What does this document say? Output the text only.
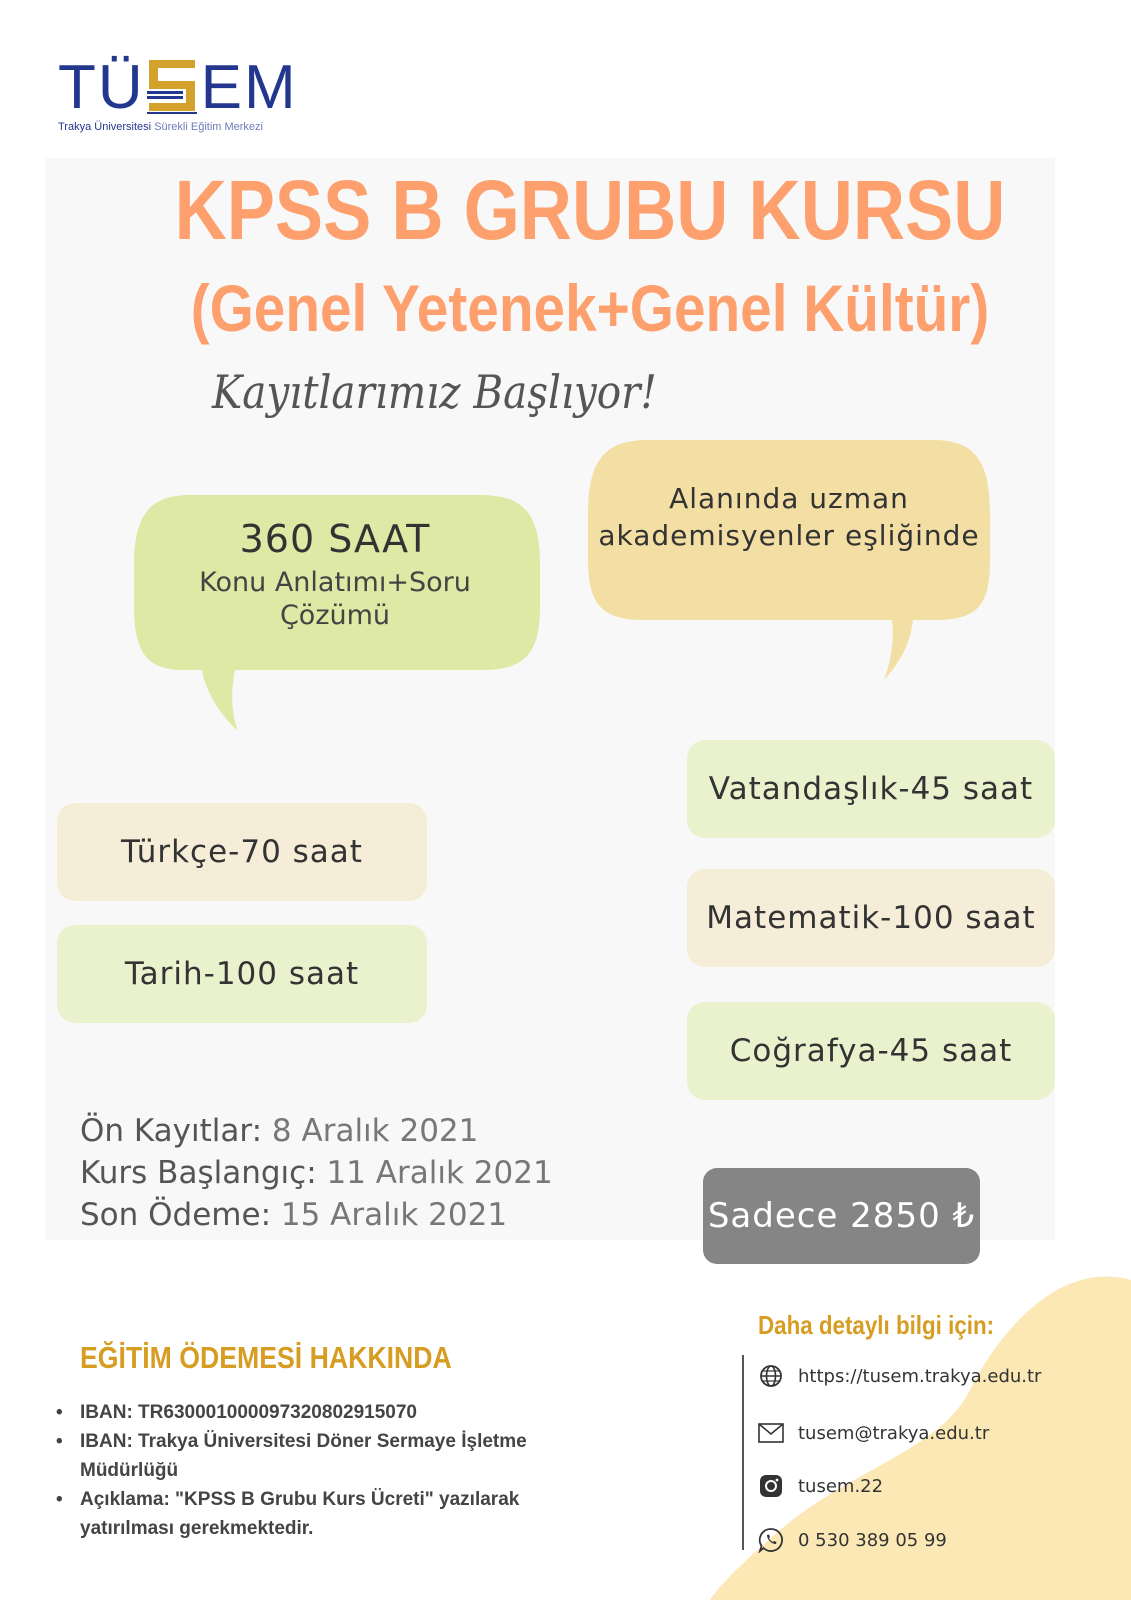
TÜ EM
Trakya Üniversitesi Sürekli Eğitim Merkezi
KPSS B GRUBU KURSU
(Genel Yetenek+Genel Kültür)
Kayıtlarımız Başlıyor!
360 SAAT
Konu Anlatımı+Soru
Çözümü
Alanında uzman
akademisyenler eşliğinde
Vatandaşlık-45 saat
Türkçe-70 saat
Matematik-100 saat
Tarih-100 saat
Coğrafya-45 saat
Ön Kayıtlar: 8 Aralık 2021
Kurs Başlangıç: 11 Aralık 2021
Son Ödeme: 15 Aralık 2021	Sadece 2850 ₺
EĞİTİM ÖDEMESİ HAKKINDA
• IBAN: TR630001000097320802915070
• IBAN: Trakya Üniversitesi Döner Sermaye İşletme Müdürlüğü
• Açıklama: "KPSS B Grubu Kurs Ücreti" yazılarak yatırılması gerekmektedir.
Daha detaylı bilgi için:
https://tusem.trakya.edu.tr
tusem@trakya.edu.tr
tusem.22
0 530 389 05 99
